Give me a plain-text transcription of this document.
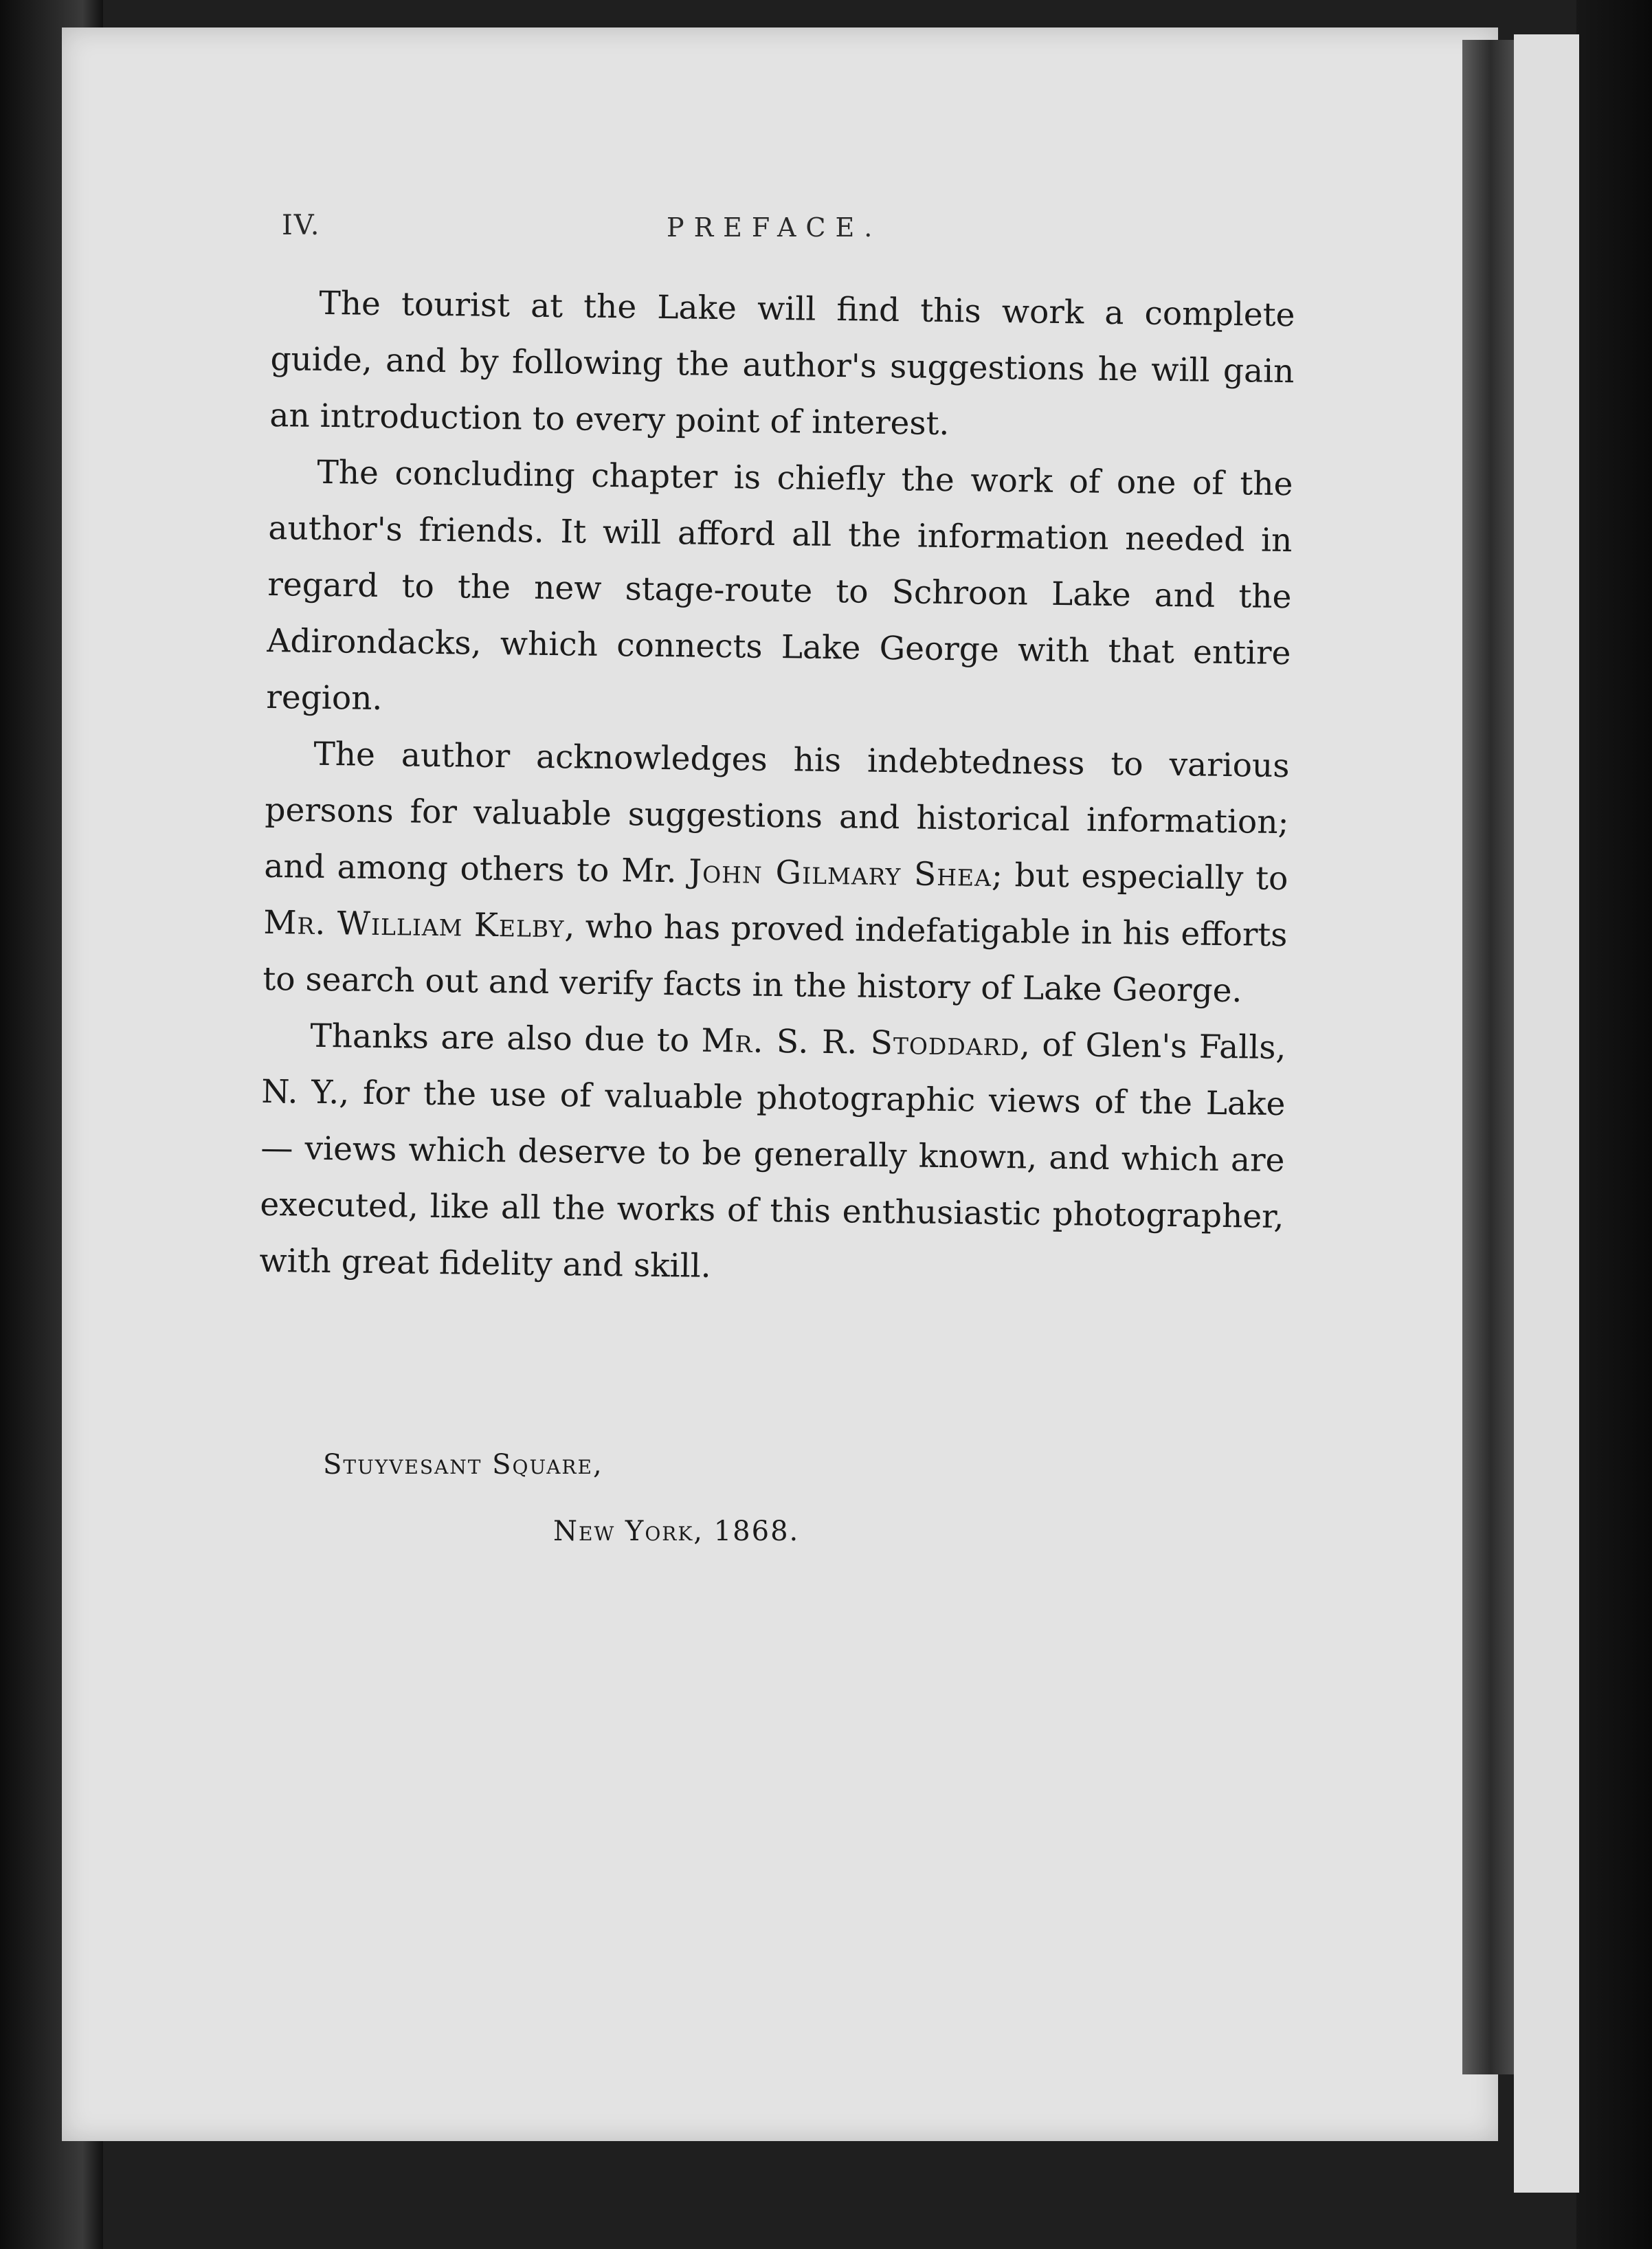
IV.	PREFACE.

The tourist at the Lake will find this work a complete guide, and by following the author's suggestions he will gain an introduction to every point of interest.

The concluding chapter is chiefly the work of one of the author's friends. It will afford all the information needed in regard to the new stage-route to Schroon Lake and the Adirondacks, which connects Lake George with that entire region.

The author acknowledges his indebtedness to various persons for valuable suggestions and historical information; and among others to Mr. John Gilmary Shea; but especially to Mr. William Kelby, who has proved indefatigable in his efforts to search out and verify facts in the history of Lake George.

Thanks are also due to Mr. S. R. Stoddard, of Glen's Falls, N. Y., for the use of valuable photographic views of the Lake — views which deserve to be generally known, and which are executed, like all the works of this enthusiastic photographer, with great fidelity and skill.

Stuyvesant Square,
New York, 1868.
